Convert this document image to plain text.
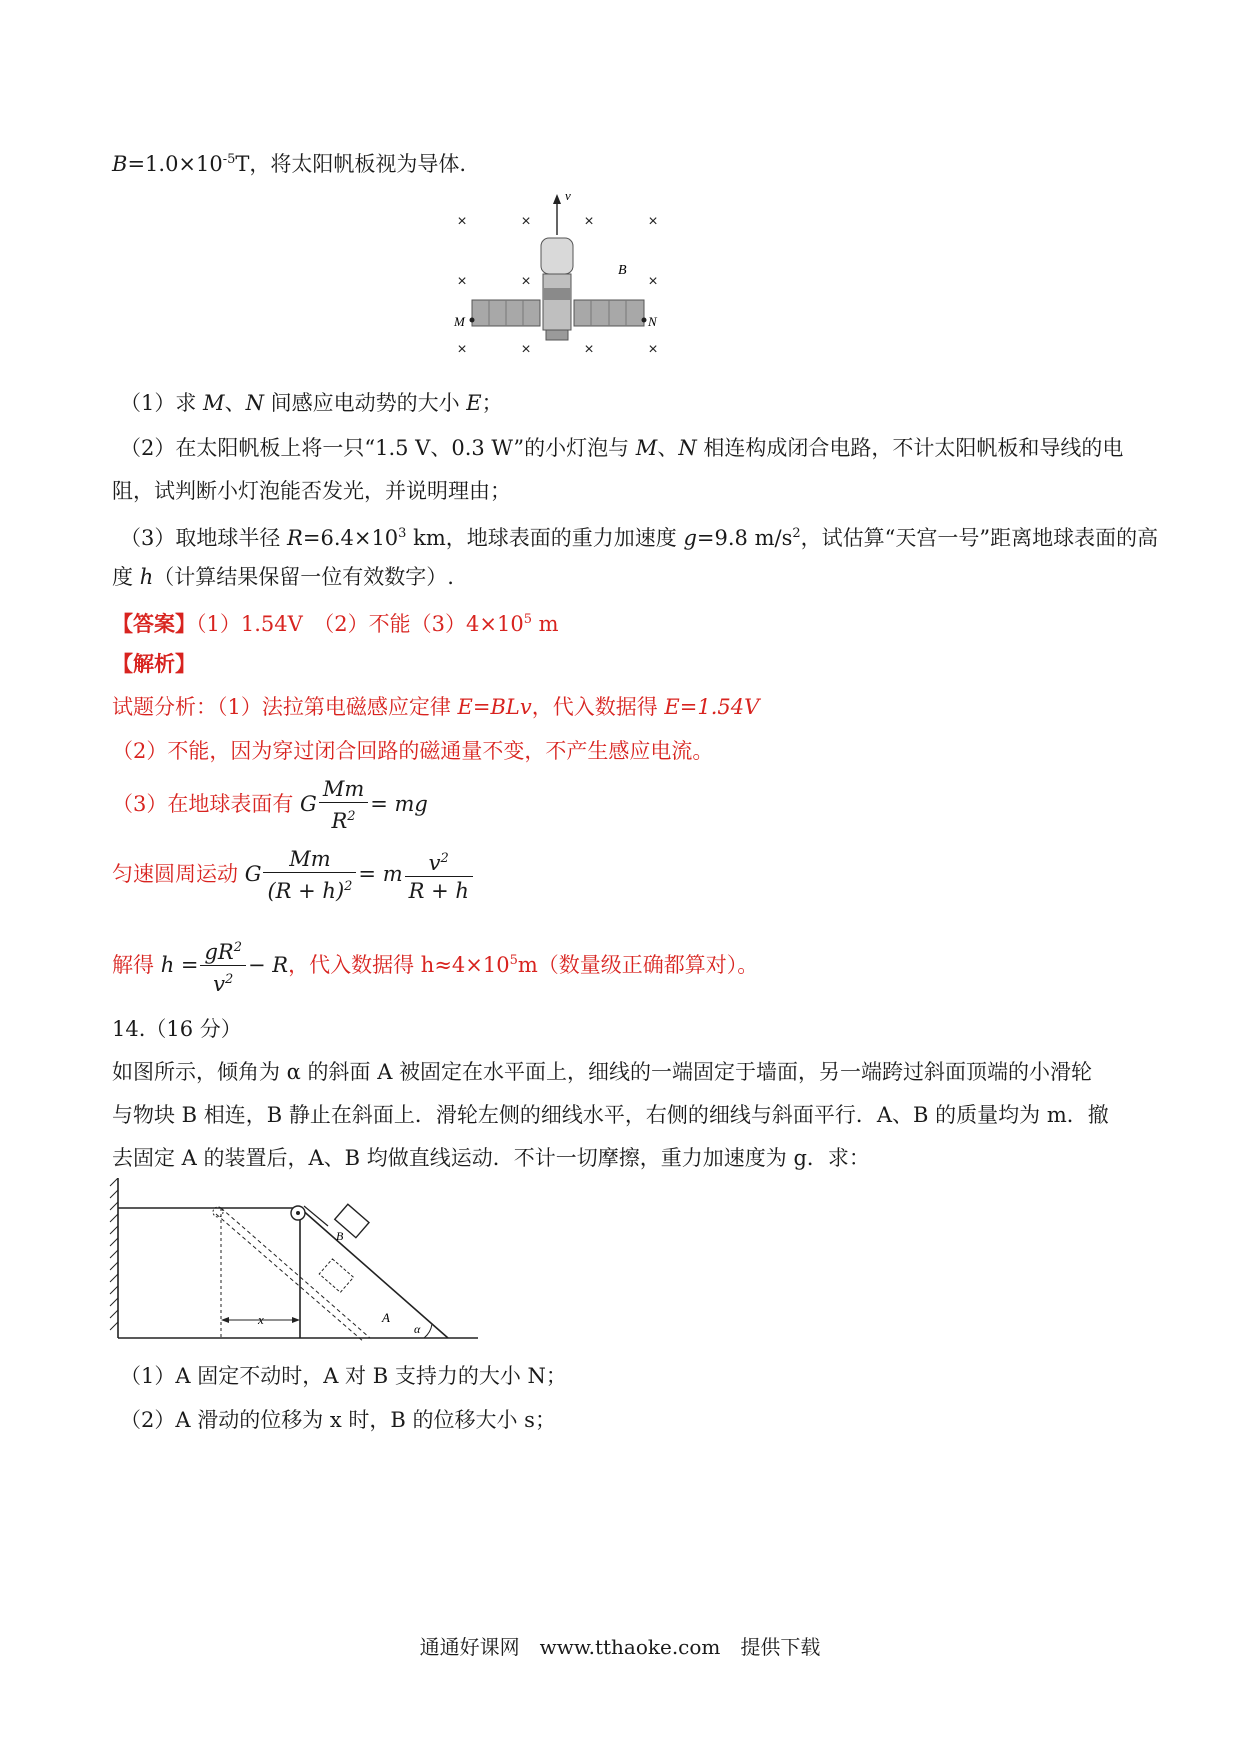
$B=1.0\times 10^{-5}T$，将太阳帆板视为导体.
×	×	×	×
×	×	×
×	×	×	×
v
B
M	N
（1）求 M、N 间感应电动势的大小 E；
（2）在太阳帆板上将一只“1.5 V、0.3 W”的小灯泡与 M、N 相连构成闭合电路，不计太阳帆板和导线的电
阻，试判断小灯泡能否发光，并说明理由；
（3）取地球半径 $R=6.4\times 10^3$ km，地球表面的重力加速度 g=9.8 $m/s^2$，试估算“天宫一号”距离地球表面的高
度 h（计算结果保留一位有效数字）.
【答案】（1）1.54V　（2）不能$(3)4\times 10^5$ m
【解析】
试题分析：（1）法拉第电磁感应定律 E=BLv，代入数据得 E=1.54V
（2）不能，因为穿过闭合回路的磁通量不变，不产生感应电流。
（3）在地球表面有 G $\frac{Mm}{R^2}$ = mg
匀速圆周运动 G $\frac{Mm}{(R + h)^2} = m \frac{v^2}{R + h}$
解得 $h = \frac{gR^2}{v^2} - R$，代入数据得 $h\approx 4\times 10^5m$（数量级正确都算对）。
14.（16 分）
如图所示，倾角为 α 的斜面 A 被固定在水平面上，细线的一端固定于墙面，另一端跨过斜面顶端的小滑轮
与物块 B 相连，B 静止在斜面上．滑轮左侧的细线水平，右侧的细线与斜面平行．A、B 的质量均为 m．撤
去固定 A 的装置后，A、B 均做直线运动．不计一切摩擦，重力加速度为 g．求：
B
A
α
x
（1）A 固定不动时，A 对 B 支持力的大小 N；
（2）A 滑动的位移为 x 时，B 的位移大小 s；
通通好课网　www.tthaoke.com　提供下载
